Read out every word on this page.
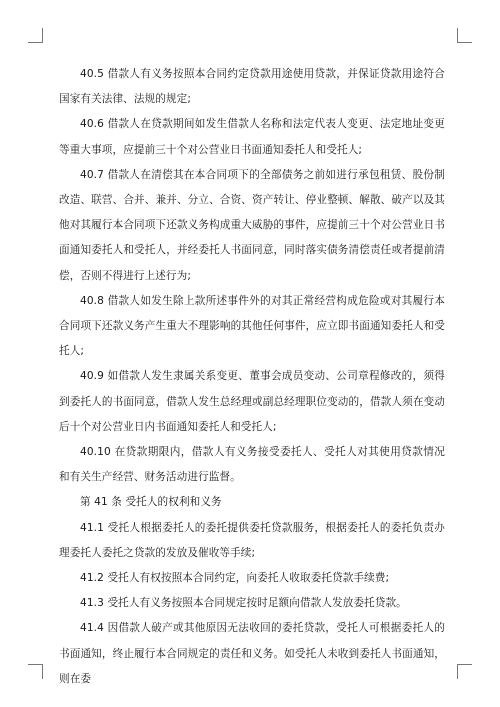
40.5 借款人有义务按照本合同约定贷款用途使用贷款，并保证贷款用途符合国家有关法律、法规的规定;

40.6 借款人在贷款期间如发生借款人名称和法定代表人变更、法定地址变更等重大事项，应提前三十个对公营业日书面通知委托人和受托人;

40.7 借款人在清偿其在本合同项下的全部债务之前如进行承包租赁、股份制改造、联营、合并、兼并、分立、合资、资产转让、停业整顿、解散、破产以及其他对其履行本合同项下还款义务构成重大威胁的事件，应提前三十个对公营业日书面通知委托人和受托人，并经委托人书面同意，同时落实债务清偿责任或者提前清偿，否则不得进行上述行为;

40.8 借款人如发生除上款所述事件外的对其正常经营构成危险或对其履行本合同项下还款义务产生重大不理影响的其他任何事件，应立即书面通知委托人和受托人;

40.9 如借款人发生隶属关系变更、董事会成员变动、公司章程修改的，须得到委托人的书面同意，借款人发生总经理或副总经理职位变动的，借款人须在变动后十个对公营业日内书面通知委托人和受托人;

40.10 在贷款期限内，借款人有义务接受委托人、受托人对其使用贷款情况和有关生产经营、财务活动进行监督。

第 41 条 受托人的权利和义务

41.1 受托人根据委托人的委托提供委托贷款服务，根据委托人的委托负责办理委托人委托之贷款的发放及催收等手续;

41.2 受托人有权按照本合同约定，向委托人收取委托贷款手续费;

41.3 受托人有义务按照本合同规定按时足额向借款人发放委托贷款。

41.4 因借款人破产或其他原因无法收回的委托贷款，受托人可根据委托人的书面通知，终止履行本合同规定的责任和义务。如受托人未收到委托人书面通知，则在委
